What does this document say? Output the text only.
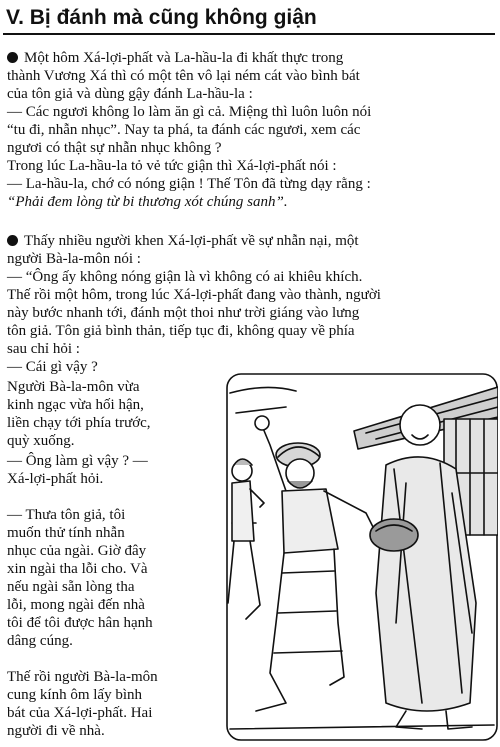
V. Bị đánh mà cũng không giận
Một hôm Xá-lợi-phất và La-hầu-la đi khất thực trong
thành Vương Xá thì có một tên vô lại ném cát vào bình bát
của tôn giả và dùng gậy đánh La-hầu-la :
— Các ngươi không lo làm ăn gì cả. Miệng thì luôn luôn nói
“tu đi, nhẫn nhục”. Nay ta phá, ta đánh các ngươi, xem các
ngươi có thật sự nhẫn nhục không ?
Trong lúc La-hầu-la tỏ vẻ tức giận thì Xá-lợi-phất nói :
— La-hầu-la, chớ có nóng giận ! Thế Tôn đã từng dạy rằng :
“Phải đem lòng từ bi thương xót chúng sanh”.
Thấy nhiều người khen Xá-lợi-phất về sự nhẫn nại, một
người Bà-la-môn nói :
— “Ông ấy không nóng giận là vì không có ai khiêu khích.
Thế rồi một hôm, trong lúc Xá-lợi-phất đang vào thành, người
này bước nhanh tới, đánh một thoi như trời giáng vào lưng
tôn giả. Tôn giả bình thản, tiếp tục đi, không quay về phía
sau chỉ hỏi :
— Cái gì vậy ?
Người Bà-la-môn vừa
kinh ngạc vừa hối hận,
liền chạy tới phía trước,
quỳ xuống.
— Ông làm gì vậy ? —
Xá-lợi-phất hỏi.
— Thưa tôn giả, tôi
muốn thử tính nhẫn
nhục của ngài. Giờ đây
xin ngài tha lỗi cho. Và
nếu ngài sẵn lòng tha
lỗi, mong ngài đến nhà
tôi để tôi được hân hạnh
dâng cúng.
Thế rồi người Bà-la-môn
cung kính ôm lấy bình
bát của Xá-lợi-phất. Hai
người đi về nhà.
